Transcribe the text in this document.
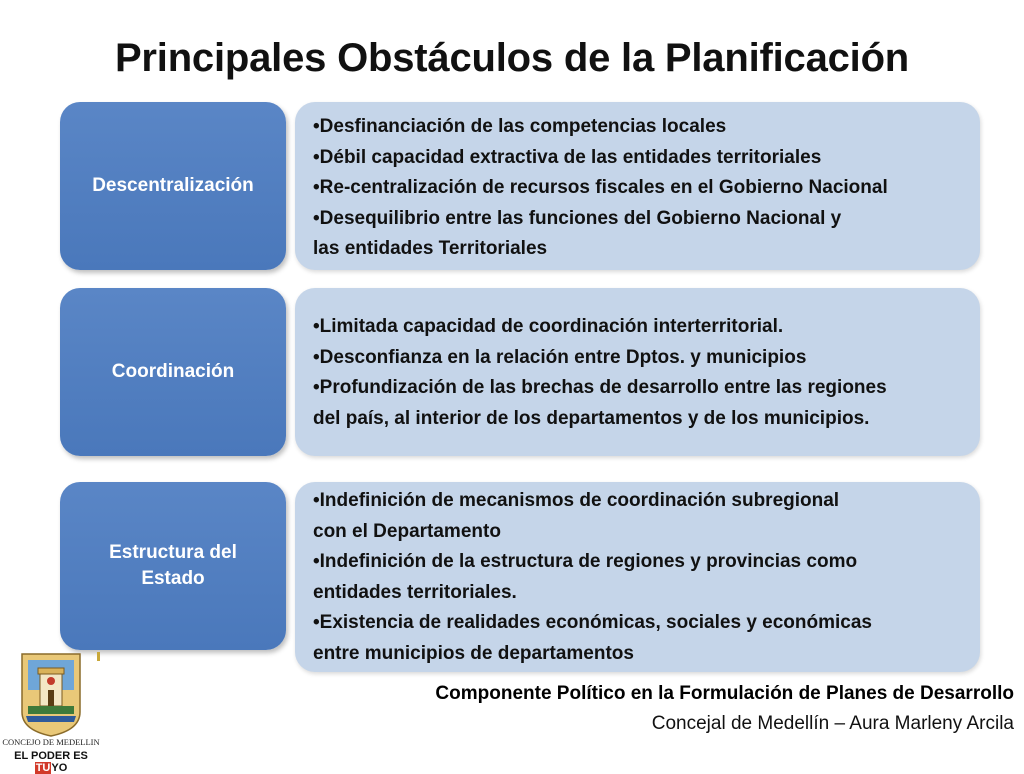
Principales Obstáculos de la Planificación
Descentralización
•Desfinanciación de las competencias locales
•Débil capacidad extractiva de las entidades territoriales
•Re-centralización de recursos fiscales en el Gobierno Nacional
•Desequilibrio entre las funciones del Gobierno Nacional y
las entidades Territoriales
Coordinación
•Limitada capacidad de coordinación interterritorial.
•Desconfianza en la relación entre Dptos. y municipios
•Profundización de las brechas de desarrollo entre las regiones
del país, al interior de los departamentos y de los municipios.
Estructura del
Estado
•Indefinición de mecanismos de coordinación subregional
con el Departamento
•Indefinición de la estructura de regiones y provincias como
entidades territoriales.
•Existencia de realidades económicas, sociales y económicas
entre municipios de departamentos
Componente Político en la Formulación de Planes de Desarrollo
Concejal de Medellín – Aura Marleny Arcila
CONCEJO DE MEDELLIN
EL PODER ES TUYO
